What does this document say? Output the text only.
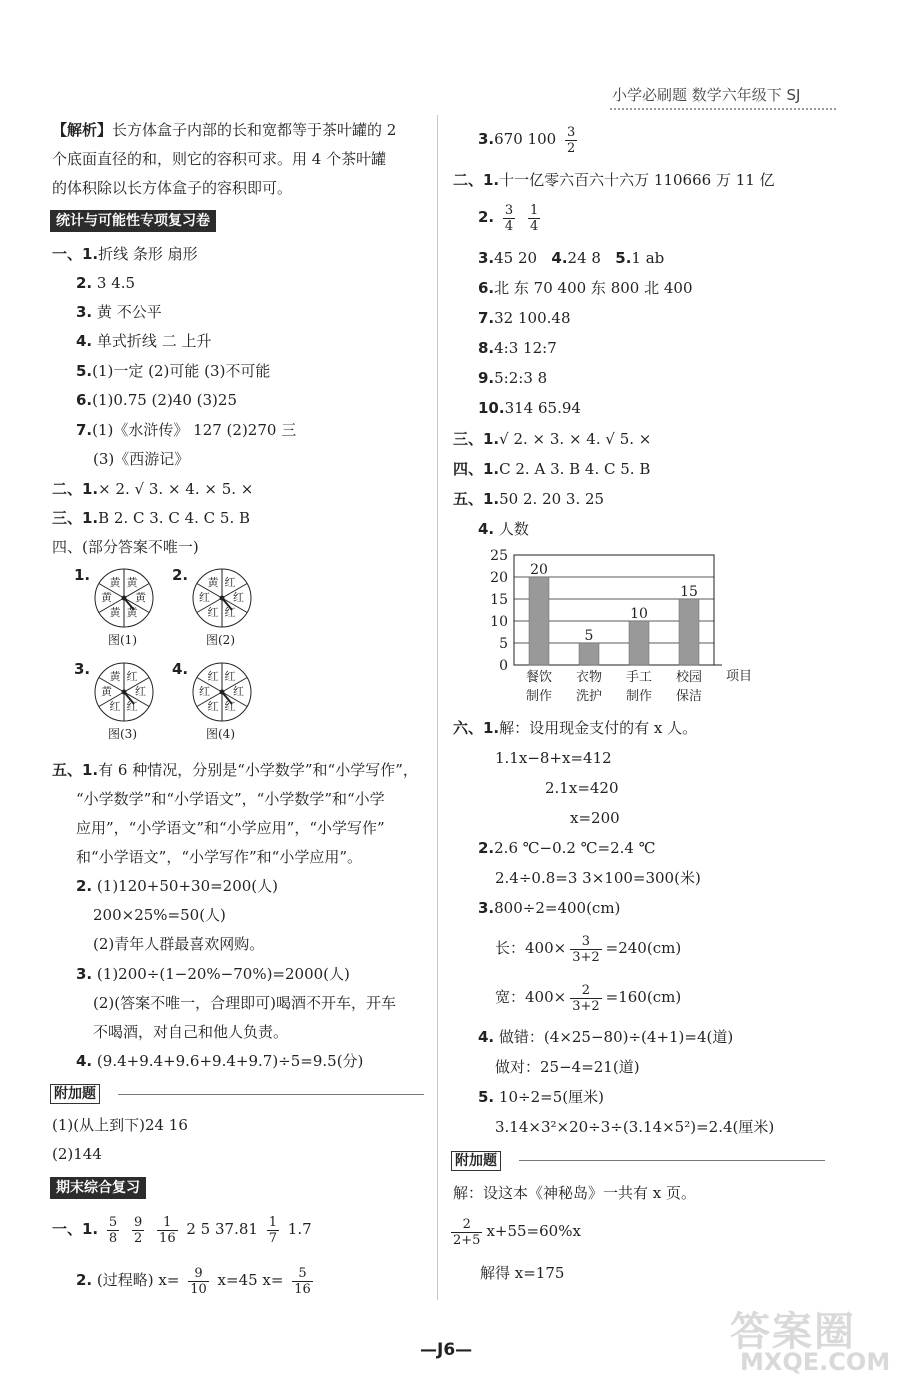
小学必刷题 数学六年级下 SJ
【解析】长方体盒子内部的长和宽都等于茶叶罐的 2
个底面直径的和，则它的容积可求。用 4 个茶叶罐
的体积除以长方体盒子的容积即可。
统计与可能性专项复习卷
一、1.折线 条形 扇形
2. 3 4.5
3. 黄 不公平
4. 单式折线 二 上升
5.(1)一定 (2)可能 (3)不可能
6.(1)0.75 (2)40 (3)25
7.(1)《水浒传》 127 (2)270 三
(3)《西游记》
二、1.× 2. √ 3. × 4. × 5. ×
三、1.B 2. C 3. C 4. C 5. B
四、(部分答案不唯一)
1.	黄
黄
黄
黄
黄
黄
图(1)
2.	红
红
红
红
红
黄
图(2)
3.	红
红
红
红
黄
黄
图(3)
4.	红
红
红
红
红
红
图(4)
五、1.有 6 种情况，分别是“小学数学”和“小学写作”，
“小学数学”和“小学语文”，“小学数学”和“小学
应用”，“小学语文”和“小学应用”，“小学写作”
和“小学语文”，“小学写作”和“小学应用”。
2. (1)120+50+30=200(人)
200×25%=50(人)
(2)青年人群最喜欢网购。
3. (1)200÷(1−20%−70%)=2000(人)
(2)(答案不唯一，合理即可)喝酒不开车，开车
不喝酒，对自己和他人负责。
4. (9.4+9.4+9.6+9.4+9.7)÷5=9.5(分)
附加题
(1)(从上到下)24 16
(2)144
期末综合复习
一、1. $\frac{5}{8}$
$\frac{9}{2}$
$\frac{1}{16} 2$ 5 $37.81 \frac{1}{7} 1.7$
2. (过程略) $x= \frac{9}{10} x=45$ $x= \frac{5}{16}$
3.670 $100 \frac{3}{2}$
二、1.十一亿零六百六十六万 110666 万 11 亿
2. $\frac{3}{4}$
$\frac{1}{4}$
3.45 20 4.24 8 5.1 ab
6.北 东 70 400 东 800 北 400
7.32 100.48
8.4:3 12:7
9.5:2:3 8
10.314 65.94
三、1.√ 2. × 3. × 4. √ 5. ×
四、1.C 2. A 3. B 4. C 5. B
五、1.50 2. 20 3. 25
4. 人数
0
5
10
15
20
25
项目
20
餐饮
制作
5
衣物
洗护
10
手工
制作
15
校园
保洁
六、1.解：设用现金支付的有 x 人。
1.1x−8+x=412
2.1x=420
x=200
2.2.6 ℃−0.2 ℃=2.4 ℃
2.4÷0.8=3 3×100=300(米)
3.800÷2=400(cm)
长：$400\times \frac{3}{3+2} =240(cm)$
宽：$400\times \frac{2}{3+2} =160(cm)$
4. 做错：(4×25−80)÷(4+1)=4(道)
做对：25−4=21(道)
5. 10÷2=5(厘米)
3.14×3²×20÷3÷(3.14×5²)=2.4(厘米)
附加题
解：设这本《神秘岛》一共有 x 页。
$\frac{2}{2+5} x+55=60\%x$
解得 x=175
—J6—	答案圈
MXQE.COM
